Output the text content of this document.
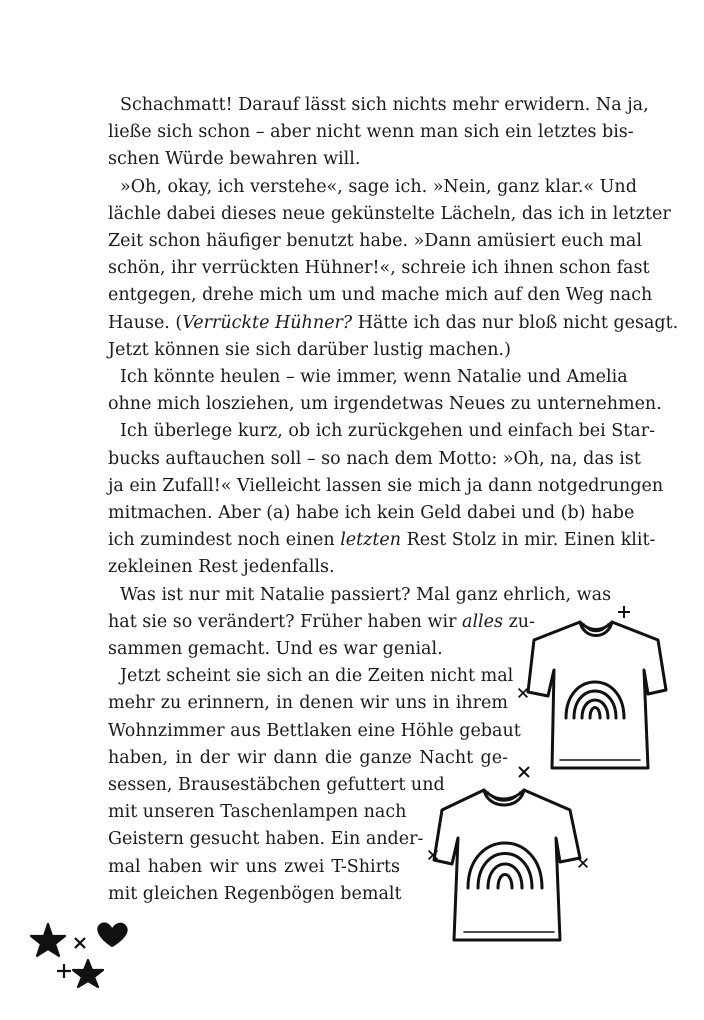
Schachmatt! Darauf lässt sich nichts mehr erwidern. Na ja,
ließe sich schon – aber nicht wenn man sich ein letztes bis-
schen Würde bewahren will.
»Oh, okay, ich verstehe«, sage ich. »Nein, ganz klar.« Und
lächle dabei dieses neue gekünstelte Lächeln, das ich in letzter
Zeit schon häufiger benutzt habe. »Dann amüsiert euch mal
schön, ihr verrückten Hühner!«, schreie ich ihnen schon fast
entgegen, drehe mich um und mache mich auf den Weg nach
Hause. (Verrückte Hühner? Hätte ich das nur bloß nicht gesagt.
Jetzt können sie sich darüber lustig machen.)
Ich könnte heulen – wie immer, wenn Natalie und Amelia
ohne mich losziehen, um irgendetwas Neues zu unternehmen.
Ich überlege kurz, ob ich zurückgehen und einfach bei Star-
bucks auftauchen soll – so nach dem Motto: »Oh, na, das ist
ja ein Zufall!« Vielleicht lassen sie mich ja dann notgedrungen
mitmachen. Aber (a) habe ich kein Geld dabei und (b) habe
ich zumindest noch einen letzten Rest Stolz in mir. Einen klit-
zekleinen Rest jedenfalls.
Was ist nur mit Natalie passiert? Mal ganz ehrlich, was
hat sie so verändert? Früher haben wir alles zu-
sammen gemacht. Und es war genial.
Jetzt scheint sie sich an die Zeiten nicht mal
mehr zu erinnern, in denen wir uns in ihrem
Wohnzimmer aus Bettlaken eine Höhle gebaut
haben, in der wir dann die ganze Nacht ge-
sessen, Brausestäbchen gefuttert und
mit unseren Taschenlampen nach
Geistern gesucht haben. Ein ander-
mal haben wir uns zwei T-Shirts
mit gleichen Regenbögen bemalt
